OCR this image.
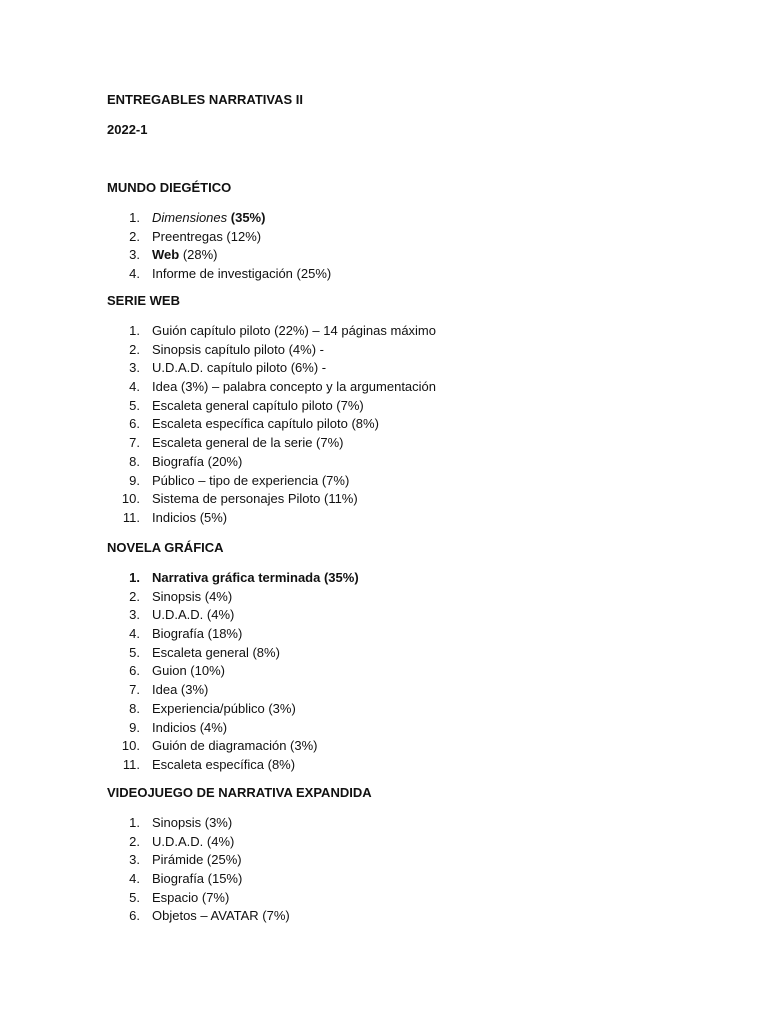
ENTREGABLES NARRATIVAS II

2022-1

MUNDO DIEGÉTICO

1. Dimensiones (35%)
2. Preentregas (12%)
3. Web (28%)
4. Informe de investigación (25%)

SERIE WEB

1. Guión capítulo piloto (22%) – 14 páginas máximo
2. Sinopsis capítulo piloto (4%) -
3. U.D.A.D. capítulo piloto (6%) -
4. Idea (3%) – palabra concepto y la argumentación
5. Escaleta general capítulo piloto (7%)
6. Escaleta específica capítulo piloto (8%)
7. Escaleta general de la serie (7%)
8. Biografía (20%)
9. Público – tipo de experiencia (7%)
10. Sistema de personajes Piloto (11%)
11. Indicios (5%)

NOVELA GRÁFICA

1. Narrativa gráfica terminada (35%)
2. Sinopsis (4%)
3. U.D.A.D. (4%)
4. Biografía (18%)
5. Escaleta general (8%)
6. Guion (10%)
7. Idea (3%)
8. Experiencia/público (3%)
9. Indicios (4%)
10. Guión de diagramación (3%)
11. Escaleta específica (8%)

VIDEOJUEGO DE NARRATIVA EXPANDIDA

1. Sinopsis (3%)
2. U.D.A.D. (4%)
3. Pirámide (25%)
4. Biografía (15%)
5. Espacio (7%)
6. Objetos – AVATAR (7%)
